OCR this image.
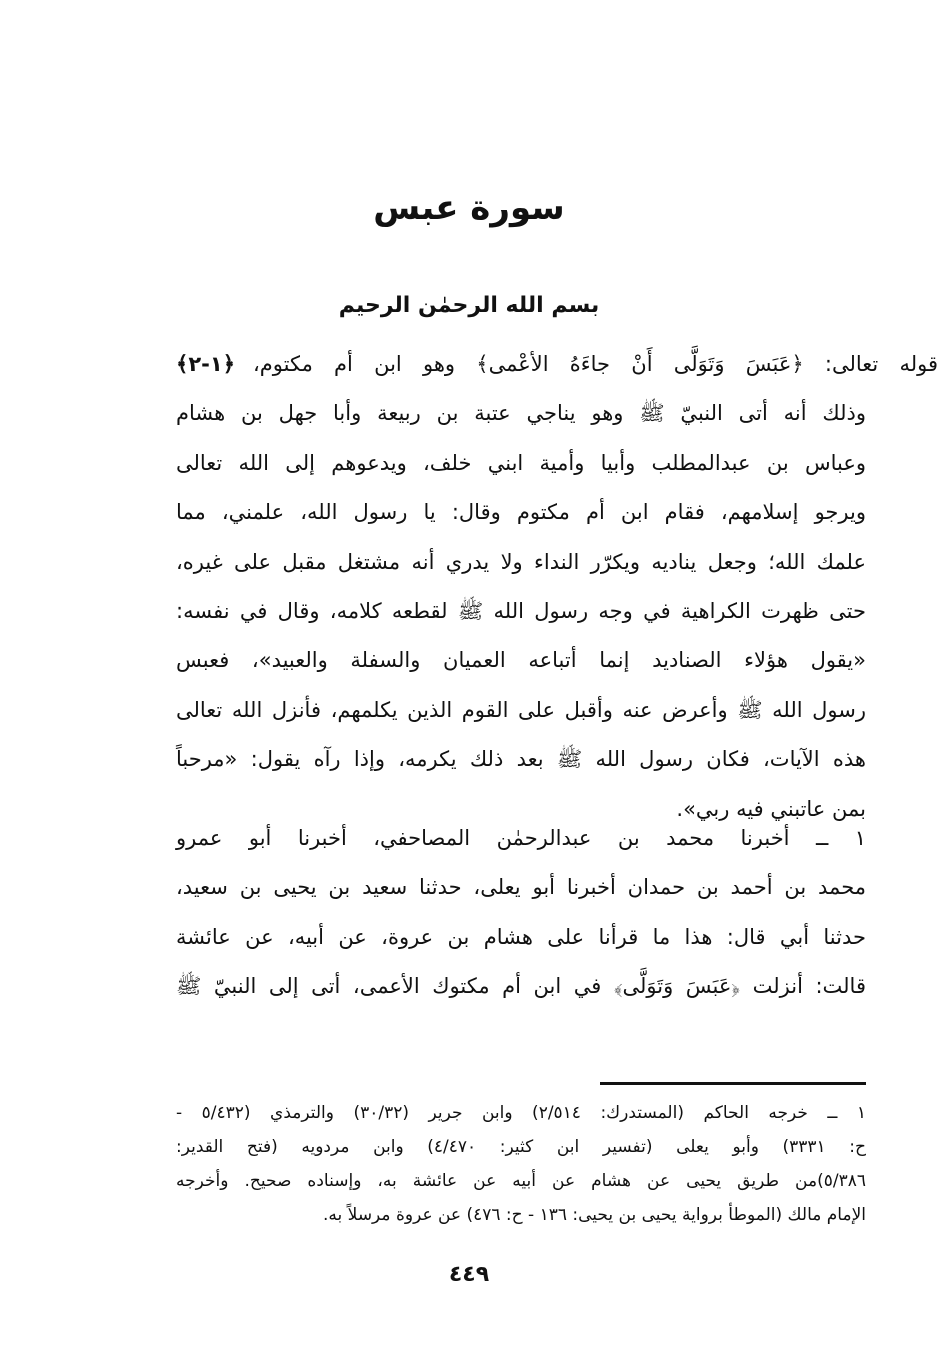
سورة عبس
بسم الله الرحمٰن الرحيم
قوله تعالى: ﴿عَبَسَ وَتَوَلَّى أَنْ جاءَهُ الأعْمى﴾ وهو ابن أم مكتوم،﴿١-٢﴾
وذلك أنه أتى النبيّ ﷺ وهو يناجي عتبة بن ربيعة وأبا جهل بن هشام
وعباس بن عبدالمطلب وأبيا وأمية ابني خلف، ويدعوهم إلى الله تعالى
ويرجو إسلامهم، فقام ابن أم مكتوم وقال: يا رسول الله، علمني، مما
علمك الله؛ وجعل يناديه ويكرّر النداء ولا يدري أنه مشتغل مقبل على غيره،
حتى ظهرت الكراهية في وجه رسول الله ﷺ لقطعه كلامه، وقال في نفسه:
«يقول هؤلاء الصناديد إنما أتباعه العميان والسفلة والعبيد»، فعبس
رسول الله ﷺ وأعرض عنه وأقبل على القوم الذين يكلمهم، فأنزل الله تعالى
هذه الآيات، فكان رسول الله ﷺ بعد ذلك يكرمه، وإذا رآه يقول: «مرحباً
بمن عاتبني فيه ربي».
١ ــ أخبرنا محمد بن عبدالرحمٰن المصاحفي، أخبرنا أبو عمرو
محمد بن أحمد بن حمدان أخبرنا أبو يعلى، حدثنا سعيد بن يحيى بن سعيد،
حدثنا أبي قال: هذا ما قرأنا على هشام بن عروة، عن أبيه، عن عائشة
قالت: أنزلت ﴿عَبَسَ وَتَوَلَّى﴾ في ابن أم مكتوك الأعمى، أتى إلى النبيّ ﷺ
١ ــ خرجه الحاكم (المستدرك: ٢/٥١٤) وابن جرير (٣٠/٣٢) والترمذي (٥/٤٣٢ -
ح: ٣٣٣١) وأبو يعلى (تفسير ابن كثير: ٤/٤٧٠) وابن مردويه (فتح القدير:
٥/٣٨٦)من طريق يحيى عن هشام عن أبيه عن عائشة به، وإسناده صحيح. وأخرجه
الإمام مالك (الموطأ برواية يحيى بن يحيى: ١٣٦ - ح: ٤٧٦) عن عروة مرسلاً به.
٤٤٩
